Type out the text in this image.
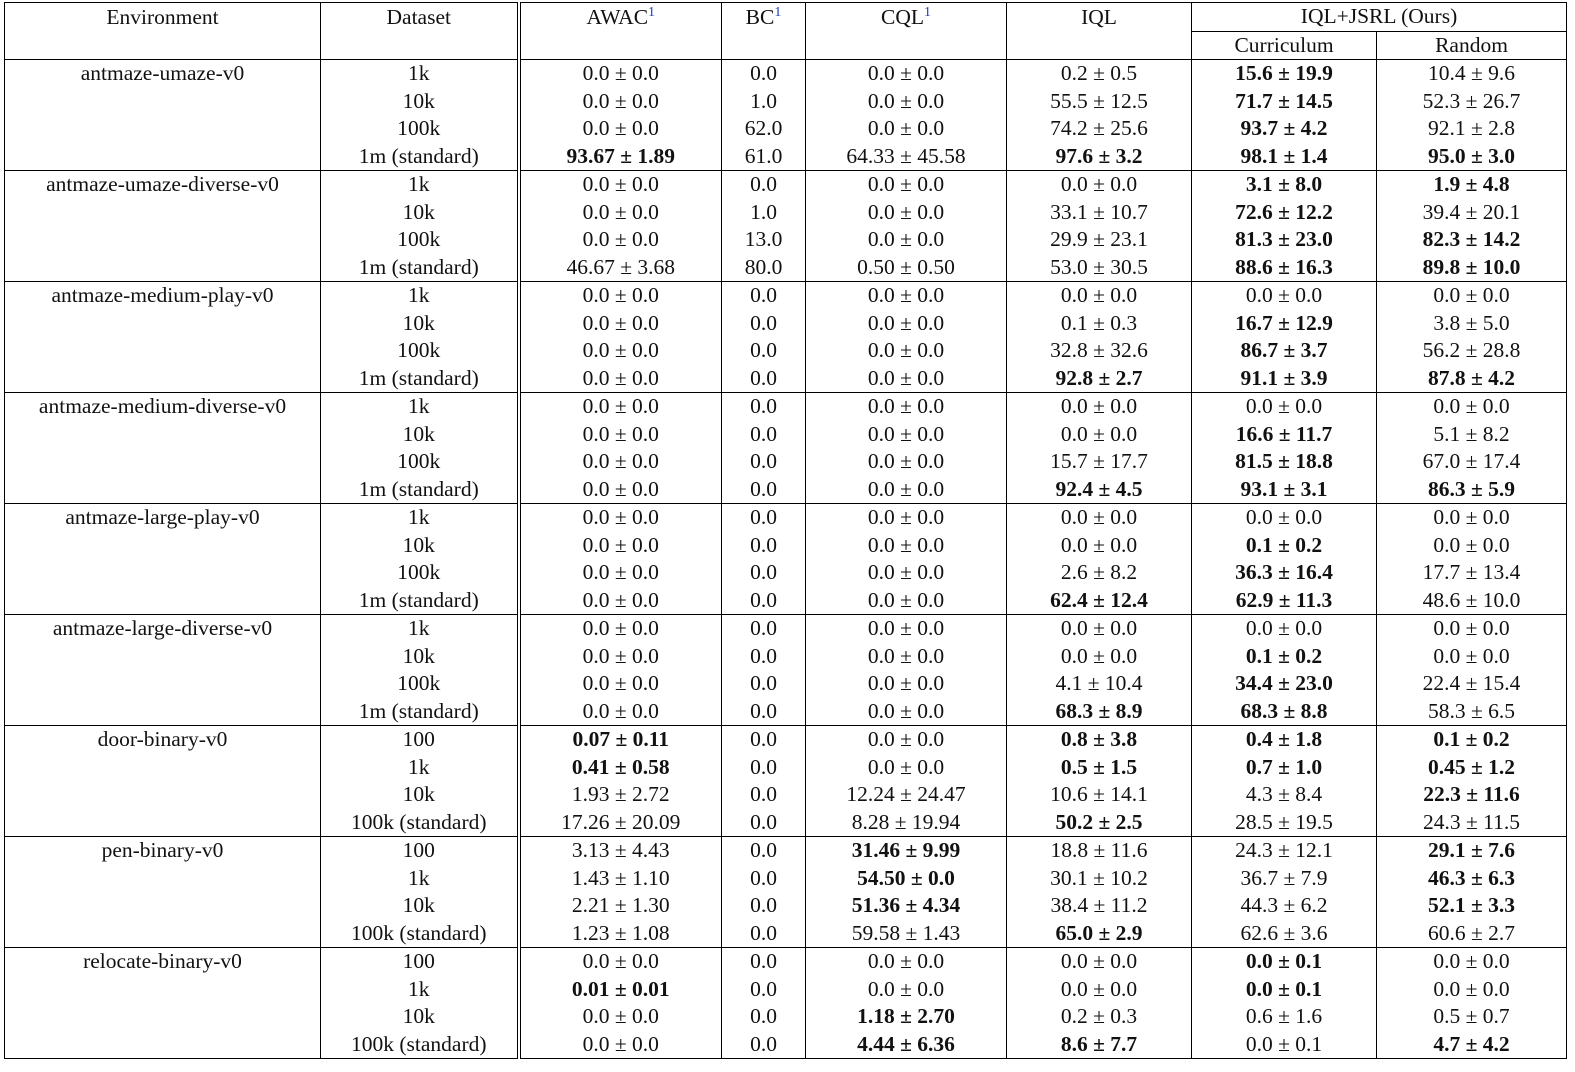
Environment	Dataset	AWAC$^1$	$BC^1$	CQL$^1$	IQL	IQL+JSRL (Ours)	
						Curriculum	Random
antmaze-umaze-v0	1k	0.0 ± 0.0	0.0	0.0 ± 0.0	0.2 ± 0.5	15.6 ± 19.9	10.4 ± 9.6
	10k	0.0 ± 0.0	1.0	0.0 ± 0.0	55.5 ± 12.5	71.7 ± 14.5	52.3 ± 26.7
	100k	0.0 ± 0.0	62.0	0.0 ± 0.0	74.2 ± 25.6	93.7 ± 4.2	92.1 ± 2.8
	1m (standard)	93.67 ± 1.89	61.0	64.33 ± 45.58	97.6 ± 3.2	98.1 ± 1.4	95.0 ± 3.0
antmaze-umaze-diverse-v0	1k	0.0 ± 0.0	0.0	0.0 ± 0.0	0.0 ± 0.0	3.1 ± 8.0	1.9 ± 4.8
	10k	0.0 ± 0.0	1.0	0.0 ± 0.0	33.1 ± 10.7	72.6 ± 12.2	39.4 ± 20.1
	100k	0.0 ± 0.0	13.0	0.0 ± 0.0	29.9 ± 23.1	81.3 ± 23.0	82.3 ± 14.2
	1m (standard)	46.67 ± 3.68	80.0	0.50 ± 0.50	53.0 ± 30.5	88.6 ± 16.3	89.8 ± 10.0
antmaze-medium-play-v0	1k	0.0 ± 0.0	0.0	0.0 ± 0.0	0.0 ± 0.0	0.0 ± 0.0	0.0 ± 0.0
	10k	0.0 ± 0.0	0.0	0.0 ± 0.0	0.1 ± 0.3	16.7 ± 12.9	3.8 ± 5.0
	100k	0.0 ± 0.0	0.0	0.0 ± 0.0	32.8 ± 32.6	86.7 ± 3.7	56.2 ± 28.8
	1m (standard)	0.0 ± 0.0	0.0	0.0 ± 0.0	92.8 ± 2.7	91.1 ± 3.9	87.8 ± 4.2
antmaze-medium-diverse-v0	1k	0.0 ± 0.0	0.0	0.0 ± 0.0	0.0 ± 0.0	0.0 ± 0.0	0.0 ± 0.0
	10k	0.0 ± 0.0	0.0	0.0 ± 0.0	0.0 ± 0.0	16.6 ± 11.7	5.1 ± 8.2
	100k	0.0 ± 0.0	0.0	0.0 ± 0.0	15.7 ± 17.7	81.5 ± 18.8	67.0 ± 17.4
	1m (standard)	0.0 ± 0.0	0.0	0.0 ± 0.0	92.4 ± 4.5	93.1 ± 3.1	86.3 ± 5.9
antmaze-large-play-v0	1k	0.0 ± 0.0	0.0	0.0 ± 0.0	0.0 ± 0.0	0.0 ± 0.0	0.0 ± 0.0
	10k	0.0 ± 0.0	0.0	0.0 ± 0.0	0.0 ± 0.0	0.1 ± 0.2	0.0 ± 0.0
	100k	0.0 ± 0.0	0.0	0.0 ± 0.0	2.6 ± 8.2	36.3 ± 16.4	17.7 ± 13.4
	1m (standard)	0.0 ± 0.0	0.0	0.0 ± 0.0	62.4 ± 12.4	62.9 ± 11.3	48.6 ± 10.0
antmaze-large-diverse-v0	1k	0.0 ± 0.0	0.0	0.0 ± 0.0	0.0 ± 0.0	0.0 ± 0.0	0.0 ± 0.0
	10k	0.0 ± 0.0	0.0	0.0 ± 0.0	0.0 ± 0.0	0.1 ± 0.2	0.0 ± 0.0
	100k	0.0 ± 0.0	0.0	0.0 ± 0.0	4.1 ± 10.4	34.4 ± 23.0	22.4 ± 15.4
	1m (standard)	0.0 ± 0.0	0.0	0.0 ± 0.0	68.3 ± 8.9	68.3 ± 8.8	58.3 ± 6.5
door-binary-v0	100	0.07 ± 0.11	0.0	0.0 ± 0.0	0.8 ± 3.8	0.4 ± 1.8	0.1 ± 0.2
	1k	0.41 ± 0.58	0.0	0.0 ± 0.0	0.5 ± 1.5	0.7 ± 1.0	0.45 ± 1.2
	10k	1.93 ± 2.72	0.0	12.24 ± 24.47	10.6 ± 14.1	4.3 ± 8.4	22.3 ± 11.6
	100k (standard)	17.26 ± 20.09	0.0	8.28 ± 19.94	50.2 ± 2.5	28.5 ± 19.5	24.3 ± 11.5
pen-binary-v0	100	3.13 ± 4.43	0.0	31.46 ± 9.99	18.8 ± 11.6	24.3 ± 12.1	29.1 ± 7.6
	1k	1.43 ± 1.10	0.0	54.50 ± 0.0	30.1 ± 10.2	36.7 ± 7.9	46.3 ± 6.3
	10k	2.21 ± 1.30	0.0	51.36 ± 4.34	38.4 ± 11.2	44.3 ± 6.2	52.1 ± 3.3
	100k (standard)	1.23 ± 1.08	0.0	59.58 ± 1.43	65.0 ± 2.9	62.6 ± 3.6	60.6 ± 2.7
relocate-binary-v0	100	0.0 ± 0.0	0.0	0.0 ± 0.0	0.0 ± 0.0	0.0 ± 0.1	0.0 ± 0.0
	1k	0.01 ± 0.01	0.0	0.0 ± 0.0	0.0 ± 0.0	0.0 ± 0.1	0.0 ± 0.0
	10k	0.0 ± 0.0	0.0	1.18 ± 2.70	0.2 ± 0.3	0.6 ± 1.6	0.5 ± 0.7
	100k (standard)	0.0 ± 0.0	0.0	4.44 ± 6.36	8.6 ± 7.7	0.0 ± 0.1	4.7 ± 4.2
